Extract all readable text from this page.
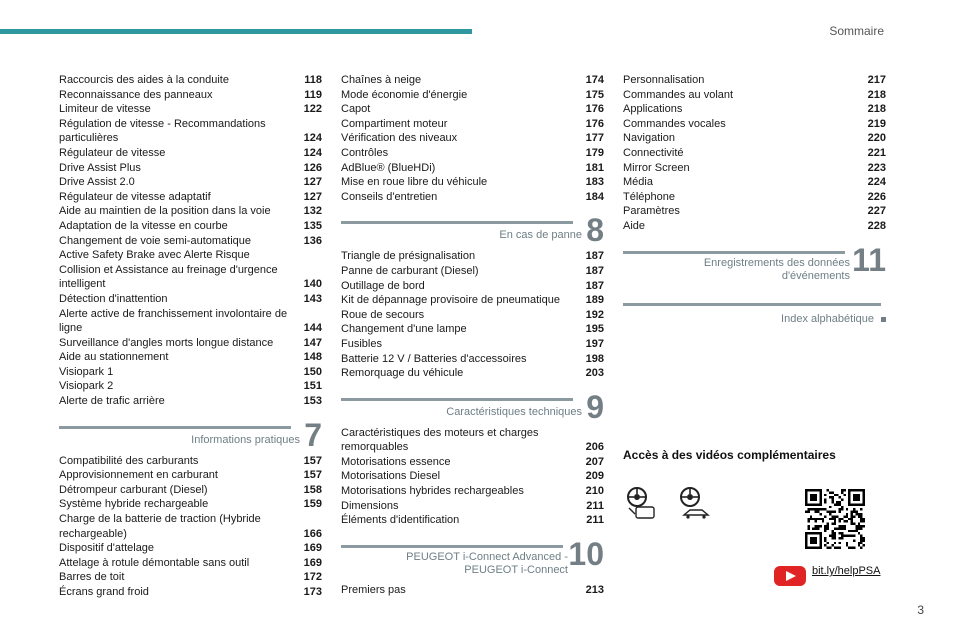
Sommaire
Raccourcis des aides à la conduite	118
Reconnaissance des panneaux	119
Limiteur de vitesse	122
Régulation de vitesse - Recommandations particulières	124
Régulateur de vitesse	124
Drive Assist Plus	126
Drive Assist 2.0	127
Régulateur de vitesse adaptatif	127
Aide au maintien de la position dans la voie	132
Adaptation de la vitesse en courbe	135
Changement de voie semi-automatique	136
Active Safety Brake avec Alerte Risque
Collision et Assistance au freinage d'urgence intelligent	140
Détection d'inattention	143
Alerte active de franchissement involontaire de ligne	144
Surveillance d'angles morts longue distance	147
Aide au stationnement	148
Visiopark 1	150
Visiopark 2	151
Alerte de trafic arrière	153
7
Informations pratiques
Compatibilité des carburants	157
Approvisionnement en carburant	157
Détrompeur carburant (Diesel)	158
Système hybride rechargeable	159
Charge de la batterie de traction (Hybride rechargeable)	166
Dispositif d'attelage	169
Attelage à rotule démontable sans outil	169
Barres de toit	172
Écrans grand froid	173
Chaînes à neige	174
Mode économie d'énergie	175
Capot	176
Compartiment moteur	176
Vérification des niveaux	177
Contrôles	179
AdBlue® (BlueHDi)	181
Mise en roue libre du véhicule	183
Conseils d'entretien	184
8
En cas de panne
Triangle de présignalisation	187
Panne de carburant (Diesel)	187
Outillage de bord	187
Kit de dépannage provisoire de pneumatique	189
Roue de secours	192
Changement d'une lampe	195
Fusibles	197
Batterie 12 V / Batteries d'accessoires	198
Remorquage du véhicule	203
9
Caractéristiques techniques
Caractéristiques des moteurs et charges remorquables	206
Motorisations essence	207
Motorisations Diesel	209
Motorisations hybrides rechargeables	210
Dimensions	211
Éléments d'identification	211
10
PEUGEOT i-Connect Advanced -
PEUGEOT i-Connect
Premiers pas	213
Personnalisation	217
Commandes au volant	218
Applications	218
Commandes vocales	219
Navigation	220
Connectivité	221
Mirror Screen	223
Média	224
Téléphone	226
Paramètres	227
Aide	228
11
Enregistrements des données
d'événements
Index alphabétique
Accès à des vidéos complémentaires
bit.ly/helpPSA
3
